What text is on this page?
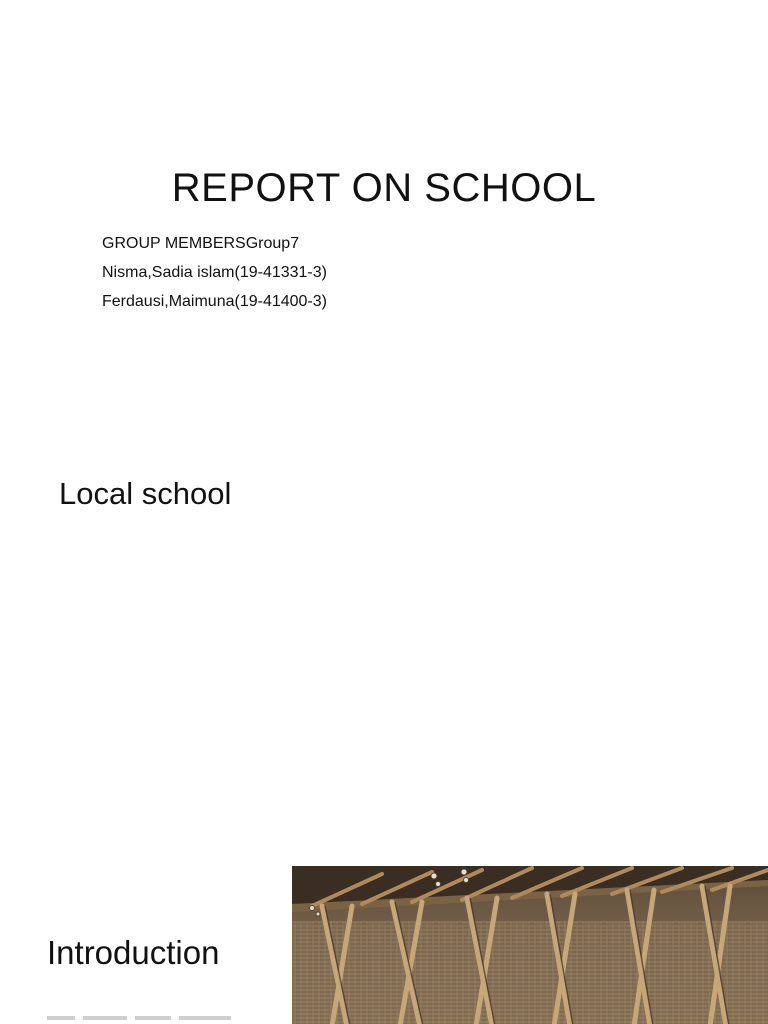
REPORT ON SCHOOL
GROUP MEMBERSGroup7
Nisma,Sadia islam(19-41331-3)
Ferdausi,Maimuna(19-41400-3)
Local school
Introduction
